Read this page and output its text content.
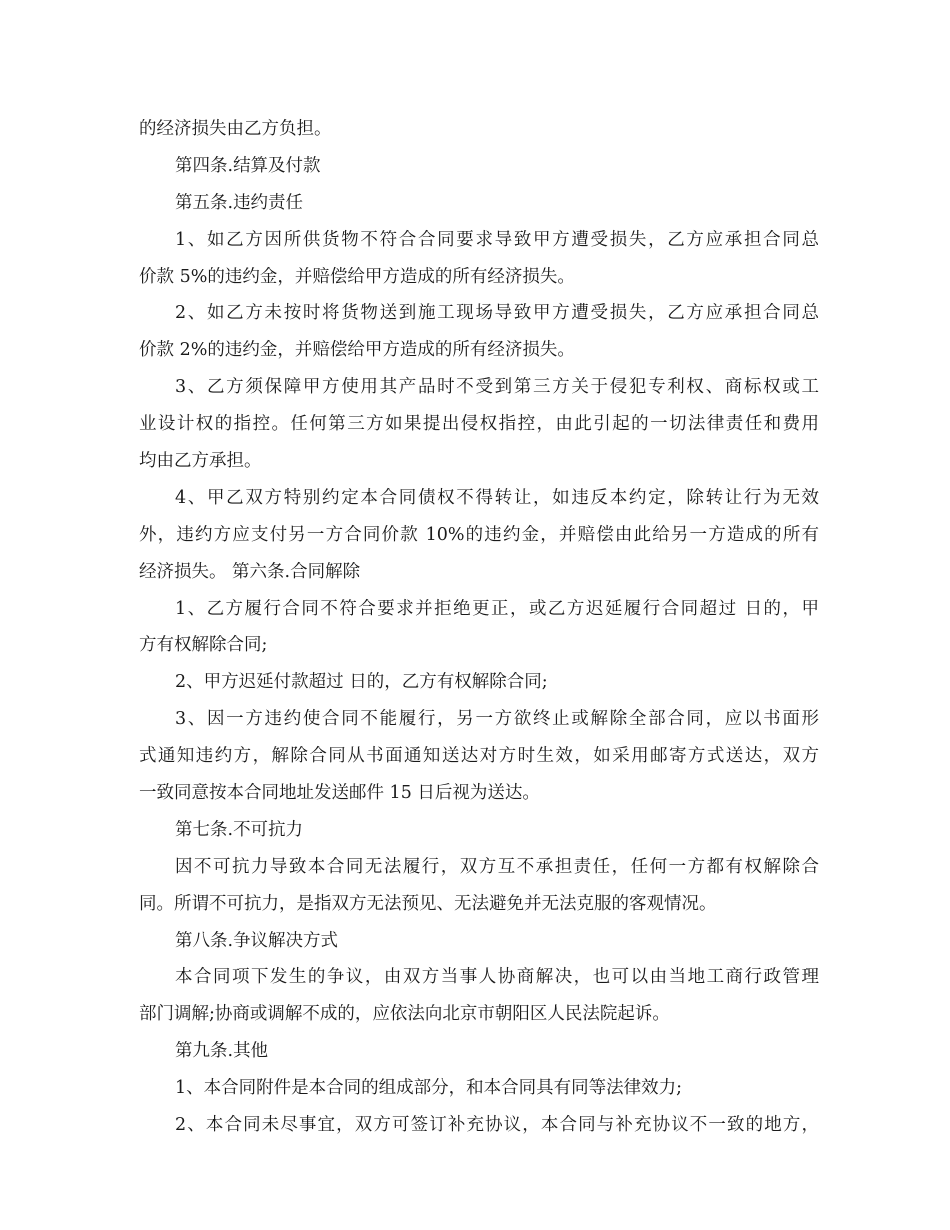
的经济损失由乙方负担。
第四条.结算及付款
第五条.违约责任
1、如乙方因所供货物不符合合同要求导致甲方遭受损失，乙方应承担合同总
价款 5%的违约金，并赔偿给甲方造成的所有经济损失。
2、如乙方未按时将货物送到施工现场导致甲方遭受损失，乙方应承担合同总
价款 2%的违约金，并赔偿给甲方造成的所有经济损失。
3、乙方须保障甲方使用其产品时不受到第三方关于侵犯专利权、商标权或工
业设计权的指控。任何第三方如果提出侵权指控，由此引起的一切法律责任和费用
均由乙方承担。
4、甲乙双方特别约定本合同债权不得转让，如违反本约定，除转让行为无效
外，违约方应支付另一方合同价款 10%的违约金，并赔偿由此给另一方造成的所有
经济损失。 第六条.合同解除
1、乙方履行合同不符合要求并拒绝更正，或乙方迟延履行合同超过 日的，甲
方有权解除合同;
2、甲方迟延付款超过 日的，乙方有权解除合同;
3、因一方违约使合同不能履行，另一方欲终止或解除全部合同，应以书面形
式通知违约方，解除合同从书面通知送达对方时生效，如采用邮寄方式送达，双方
一致同意按本合同地址发送邮件 15 日后视为送达。
第七条.不可抗力
因不可抗力导致本合同无法履行，双方互不承担责任，任何一方都有权解除合
同。所谓不可抗力，是指双方无法预见、无法避免并无法克服的客观情况。
第八条.争议解决方式
本合同项下发生的争议，由双方当事人协商解决，也可以由当地工商行政管理
部门调解;协商或调解不成的，应依法向北京市朝阳区人民法院起诉。
第九条.其他
1、本合同附件是本合同的组成部分，和本合同具有同等法律效力;
2、本合同未尽事宜，双方可签订补充协议，本合同与补充协议不一致的地方，
